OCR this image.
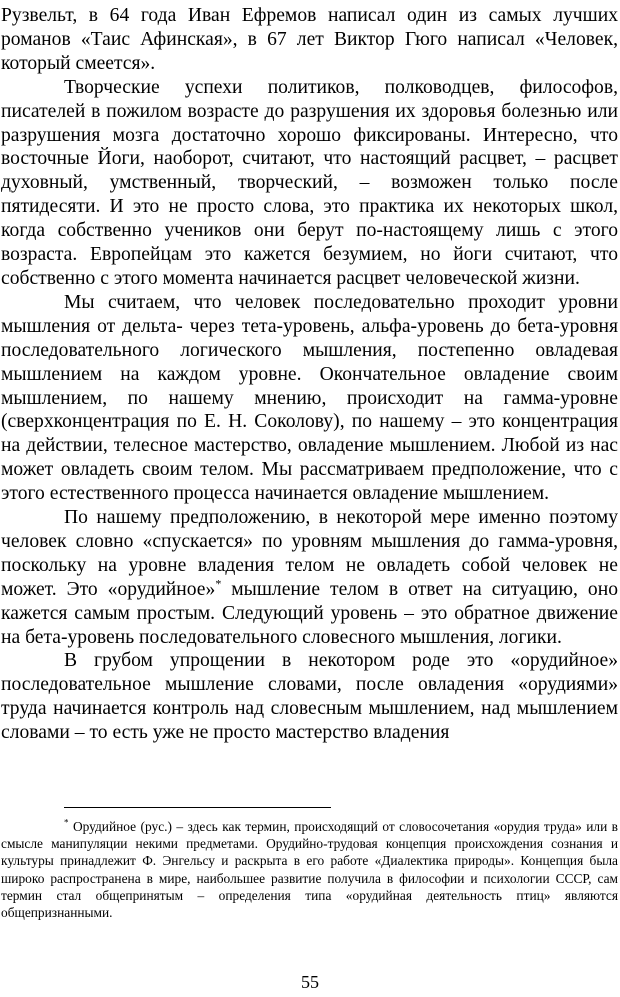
Рузвельт, в 64 года Иван Ефремов написал один из самых лучших романов «Таис Афинская», в 67 лет Виктор Гюго написал «Человек, который смеется».

Творческие успехи политиков, полководцев, философов, писателей в пожилом возрасте до разрушения их здоровья болезнью или разрушения мозга достаточно хорошо фиксированы. Интересно, что восточные Йоги, наоборот, считают, что настоящий расцвет, – расцвет духовный, умственный, творческий, – возможен только после пятидесяти. И это не просто слова, это практика их некоторых школ, когда собственно учеников они берут по-настоящему лишь с этого возраста. Европейцам это кажется безумием, но йоги считают, что собственно с этого момента начинается расцвет человеческой жизни.

Мы считаем, что человек последовательно проходит уровни мышления от дельта- через тета-уровень, альфа-уровень до бета-уровня последовательного логического мышления, постепенно овладевая мышлением на каждом уровне. Окончательное овладение своим мышлением, по нашему мнению, происходит на гамма-уровне (сверхконцентрация по Е. Н. Соколову), по нашему – это концентрация на действии, телесное мастерство, овладение мышлением. Любой из нас может овладеть своим телом. Мы рассматриваем предположение, что с этого естественного процесса начинается овладение мышлением.

По нашему предположению, в некоторой мере именно поэтому человек словно «спускается» по уровням мышления до гамма-уровня, поскольку на уровне владения телом не овладеть собой человек не может. Это «орудийное»* мышление телом в ответ на ситуацию, оно кажется самым простым. Следующий уровень – это обратное движение на бета-уровень последовательного словесного мышления, логики.

В грубом упрощении в некотором роде это «орудийное» последовательное мышление словами, после овладения «орудиями» труда начинается контроль над словесным мышлением, над мышлением словами – то есть уже не просто мастерство владения

* Орудийное (рус.) – здесь как термин, происходящий от словосочетания «орудия труда» или в смысле манипуляции некими предметами. Орудийно-трудовая концепция происхождения сознания и культуры принадлежит Ф. Энгельсу и раскрыта в его работе «Диалектика природы». Концепция была широко распространена в мире, наибольшее развитие получила в философии и психологии СССР, сам термин стал общепринятым – определения типа «орудийная деятельность птиц» являются общепризнанными.

55
